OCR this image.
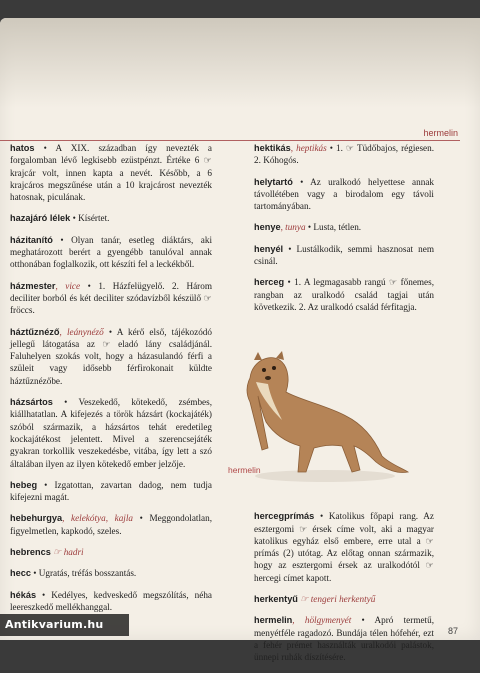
hermelin

hatos • A XIX. században így nevezték a forgalomban lévő legkisebb ezüstpénzt. Értéke 6 ☞ krajcár volt, innen kapta a nevét. Később, a 6 krajcáros megszűnése után a 10 krajcárost nevezték hatosnak, piculának.

hazajáró lélek • Kísértet.

házitanító • Olyan tanár, esetleg diáktárs, aki meghatározott berért a gyengébb tanulóval annak otthonában foglalkozik, ott készíti fel a leckékből.

házmester, vice • 1. Házfelügyelő. 2. Három deciliter borból és két deciliter szódavízből készülő ☞ fröccs.

háztűznéző, leánynéző • A kérő első, tájékozódó jellegű látogatása az ☞ eladó lány családjánál. Faluhelyen szokás volt, hogy a házasulandó férfi a szüleit vagy idősebb férfirokonait küldte háztűznézőbe.

házsártos • Veszekedő, kötekedő, zsémbes, kiállhatatlan. A kifejezés a török házsárt (kockajáték) szóból származik, a házsártos tehát eredetileg kockajátékost jelentett. Mivel a szerencsejáték gyakran torkollik veszekedésbe, vitába, így lett a szó általában ilyen az ilyen kötekedő ember jelzője.

hebeg • Izgatottan, zavartan dadog, nem tudja kifejezni magát.

hebehurgya, kelekótya, kajla • Meggondolatlan, figyelmetlen, kapkodó, szeles.

hebrencs ☞ hadri

hecc • Ugratás, tréfás bosszantás.

hékás • Kedélyes, kedveskedő megszólítás, néha leereszkedő mellékhanggal.

hektikás, heptikás • 1. ☞ Tüdőbajos, régiesen. 2. Kóhogós.

helytartó • Az uralkodó helyettese annak távollétében vagy a birodalom egy távoli tartományában.

henye, tunya • Lusta, tétlen.

henyél • Lustálkodik, semmi hasznosat nem csinál.

herceg • 1. A legmagasabb rangú ☞ főnemes, rangban az uralkodó család tagjai után következik. 2. Az uralkodó család férfitagja.

hercegprímás • Katolikus főpapi rang. Az esztergomi ☞ érsek címe volt, aki a magyar katolikus egyház első embere, erre utal a ☞ prímás (2) utótag. Az előtag onnan származik, hogy az esztergomi érsek az uralkodótól ☞ hercegi címet kapott.

herkentyű ☞ tengeri herkentyű

hermelin, hölgymenyét • Apró termetű, menyétféle ragadozó. Bundája télen hófehér, ezt a fehér prémet használták uralkodói palástok, ünnepi ruhák díszítésére.

hermelin
87
Antikvarium.hu
